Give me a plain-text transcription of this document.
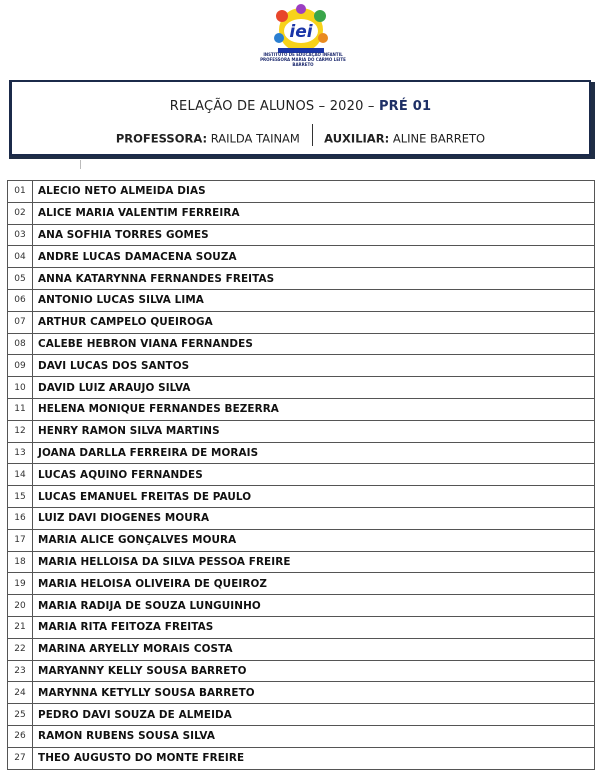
iei
INSTITUTO DE EDUCAÇÃO INFANTIL PROFESSORA MARIA DO CARMO LEITE BARRETO
RELAÇÃO DE ALUNOS – 2020 – PRÉ 01
PROFESSORA: RAILDA TAINAM AUXILIAR: ALINE BARRETO
01	ALECIO NETO ALMEIDA DIAS
02	ALICE MARIA VALENTIM FERREIRA
03	ANA SOFHIA TORRES GOMES
04	ANDRE LUCAS DAMACENA SOUZA
05	ANNA KATARYNNA FERNANDES FREITAS
06	ANTONIO LUCAS SILVA LIMA
07	ARTHUR CAMPELO QUEIROGA
08	CALEBE HEBRON VIANA FERNANDES
09	DAVI LUCAS DOS SANTOS
10	DAVID LUIZ ARAUJO SILVA
11	HELENA MONIQUE FERNANDES BEZERRA
12	HENRY RAMON SILVA MARTINS
13	JOANA DARLLA FERREIRA DE MORAIS
14	LUCAS AQUINO FERNANDES
15	LUCAS EMANUEL FREITAS DE PAULO
16	LUIZ DAVI DIOGENES MOURA
17	MARIA ALICE GONÇALVES MOURA
18	MARIA HELLOISA DA SILVA PESSOA FREIRE
19	MARIA HELOISA OLIVEIRA DE QUEIROZ
20	MARIA RADIJA DE SOUZA LUNGUINHO
21	MARIA RITA FEITOZA FREITAS
22	MARINA ARYELLY MORAIS COSTA
23	MARYANNY KELLY SOUSA BARRETO
24	MARYNNA KETYLLY SOUSA BARRETO
25	PEDRO DAVI SOUZA DE ALMEIDA
26	RAMON RUBENS SOUSA SILVA
27	THEO AUGUSTO DO MONTE FREIRE
